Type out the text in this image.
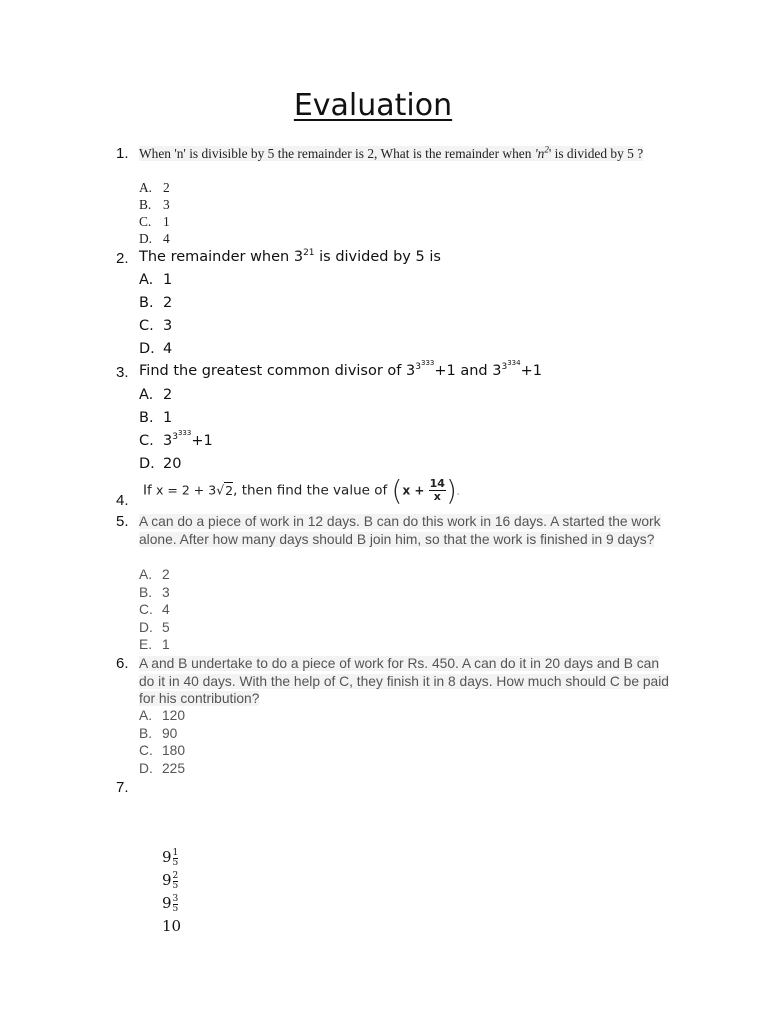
Evaluation
1. When 'n' is divisible by 5 the remainder is 2, What is the remainder when '$n^2$' is divided by 5 ?
A. 2
B. 3
C. 1
D. 4
2. The remainder when $3^{21}$ is divided by 5 is
A. 1
B. 2
C. 3
D. 4
3. Find the greatest common divisor of $3^{3^{333}}+1$ and $3^{3^{334}}+1$
A. 2
B. 1
C. $3^{3^{333}}+1$
D. 20
4.
If x = 2 + 3√2, then find the value of ($x + \frac{14}{x}$ ).
5. A can do a piece of work in 12 days. B can do this work in 16 days. A started the work alone. After how many days should B join him, so that the work is finished in 9 days?
A. 2
B. 3
C. 4
D. 5
E. 1
6. A and B undertake to do a piece of work for Rs. 450. A can do it in 20 days and B can do it in 40 days. With the help of C, they finish it in 8 days. How much should C be paid for his contribution?
A. 120
B. 90
C. 180
D. 225
7.
$9 \frac{1}{5}$
$9 \frac{2}{5}$
$9 \frac{3}{5}$
10
